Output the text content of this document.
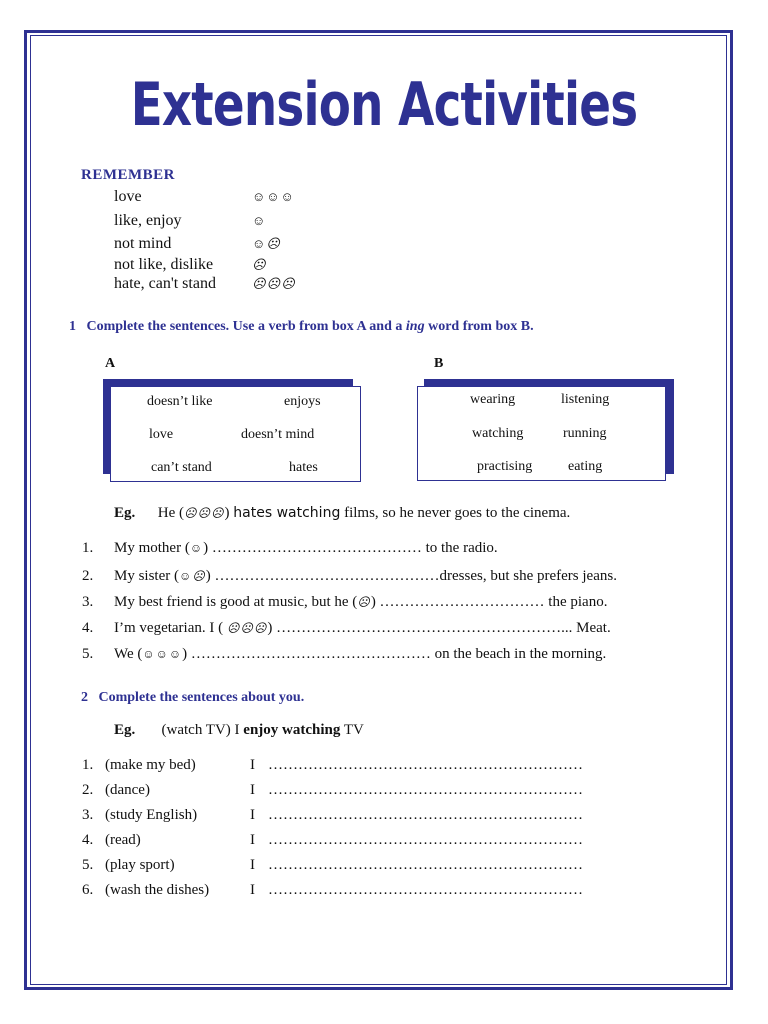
Extension Activities
REMEMBER
love	☺☺☺
like, enjoy	☺
not mind	☺☹
not like, dislike	☹
hate, can't stand	☹☹☹
1 Complete the sentences. Use a verb from box A and a ing word from box B.
A
doesn’t like	enjoys
love	doesn’t mind
can’t stand	hates
B
wearing	listening
watching	running
practising	eating
Eg. He (☹☹☹) hates watching films, so he never goes to the cinema.
1. My mother (☺) …………………………………… to the radio.
2. My sister (☺☹) ………………………………………dresses, but she prefers jeans.
3. My best friend is good at music, but he (☹) …………………………… the piano.
4. I’m vegetarian. I ( ☹☹☹) …………………………………………………... Meat.
5. We (☺☺☺) ………………………………………… on the beach in the morning.
2 Complete the sentences about you.
Eg. (watch TV) I enjoy watching TV
1. (make my bed)	I ………………………………………………………
2. (dance)	I ………………………………………………………
3. (study English)	I ………………………………………………………
4. (read)	I ………………………………………………………
5. (play sport)	I ………………………………………………………
6. (wash the dishes)	I ………………………………………………………
